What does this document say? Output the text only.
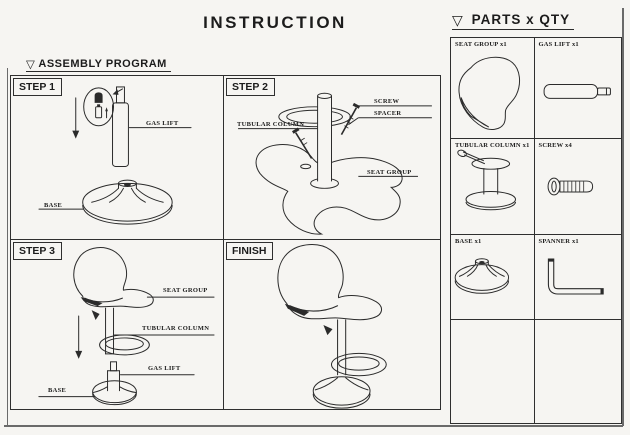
INSTRUCTION
▽ ASSEMBLY PROGRAM
▽ PARTS x QTY
STEP 1
GAS LIFT
BASE
STEP 2
SCREW
SPACER
TUBULAR COLUMN
SEAT GROUP
STEP 3
SEAT GROUP
TUBULAR COLUMN
GAS LIFT
BASE
FINISH
SEAT GROUP x1	GAS LIFT x1
TUBULAR COLUMN x1 SCREW x4
BASE x1	SPANNER x1
